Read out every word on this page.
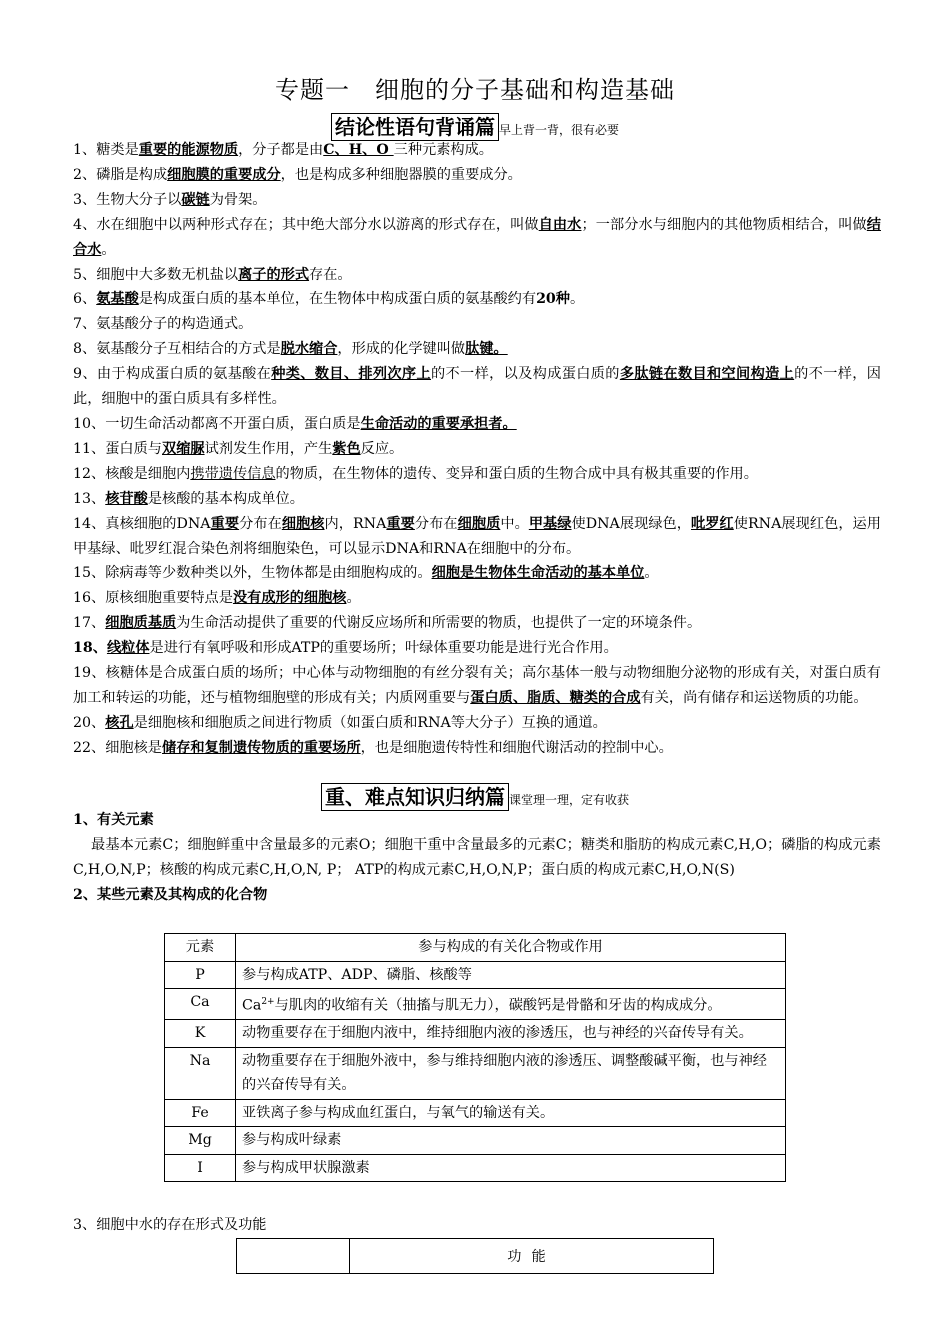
专题一　细胞的分子基础和构造基础
结论性语句背诵篇 早上背一背，很有必要

1、糖类是重要的能源物质，分子都是由C、H、O 三种元素构成。

2、磷脂是构成细胞膜的重要成分，也是构成多种细胞器膜的重要成分。

3、生物大分子以碳链为骨架。

4、水在细胞中以两种形式存在；其中绝大部分水以游离的形式存在，叫做自由水；一部分水与细胞内的其他物质相结合，叫做结合水。

5、细胞中大多数无机盐以离子的形式存在。

6、氨基酸是构成蛋白质的基本单位，在生物体中构成蛋白质的氨基酸约有20种。

7、氨基酸分子的构造通式。

8、氨基酸分子互相结合的方式是脱水缩合，形成的化学键叫做肽键。

9、由于构成蛋白质的氨基酸在种类、数目、排列次序上的不一样，以及构成蛋白质的多肽链在数目和空间构造上的不一样，因此，细胞中的蛋白质具有多样性。

10、一切生命活动都离不开蛋白质，蛋白质是生命活动的重要承担者。

11、蛋白质与双缩脲试剂发生作用，产生紫色反应。

12、核酸是细胞内携带遗传信息的物质，在生物体的遗传、变异和蛋白质的生物合成中具有极其重要的作用。

13、核苷酸是核酸的基本构成单位。

14、真核细胞的DNA重要分布在细胞核内，RNA重要分布在细胞质中。甲基绿使DNA展现绿色，吡罗红使RNA展现红色，运用甲基绿、吡罗红混合染色剂将细胞染色，可以显示DNA和RNA在细胞中的分布。

15、除病毒等少数种类以外，生物体都是由细胞构成的。细胞是生物体生命活动的基本单位。

16、原核细胞重要特点是没有成形的细胞核。

17、细胞质基质为生命活动提供了重要的代谢反应场所和所需要的物质，也提供了一定的环境条件。

18、线粒体是进行有氧呼吸和形成ATP的重要场所；叶绿体重要功能是进行光合作用。

19、核糖体是合成蛋白质的场所；中心体与动物细胞的有丝分裂有关；高尔基体一般与动物细胞分泌物的形成有关，对蛋白质有加工和转运的功能，还与植物细胞壁的形成有关；内质网重要与蛋白质、脂质、糖类的合成有关，尚有储存和运送物质的功能。

20、核孔是细胞核和细胞质之间进行物质（如蛋白质和RNA等大分子）互换的通道。

22、细胞核是储存和复制遗传物质的重要场所，也是细胞遗传特性和细胞代谢活动的控制中心。

重、难点知识归纳篇 课堂理一理，定有收获

1、有关元素

最基本元素C；细胞鲜重中含量最多的元素O；细胞干重中含量最多的元素C；糖类和脂肪的构成元素C,H,O；磷脂的构成元素C,H,O,N,P；核酸的构成元素C,H,O,N, P； ATP的构成元素C,H,O,N,P；蛋白质的构成元素C,H,O,N(S)

2、某些元素及其构成的化合物

元素	参与构成的有关化合物或作用
P	参与构成ATP、ADP、磷脂、核酸等
Ca	$Ca^{2+}$与肌肉的收缩有关（抽搐与肌无力），碳酸钙是骨骼和牙齿的构成成分。
K	动物重要存在于细胞内液中，维持细胞内液的渗透压，也与神经的兴奋传导有关。
Na	动物重要存在于细胞外液中，参与维持细胞内液的渗透压、调整酸碱平衡，也与神经的兴奋传导有关。
Fe	亚铁离子参与构成血红蛋白，与氧气的输送有关。
Mg	参与构成叶绿素
I	参与构成甲状腺激素

3、细胞中水的存在形式及功能

	功能
